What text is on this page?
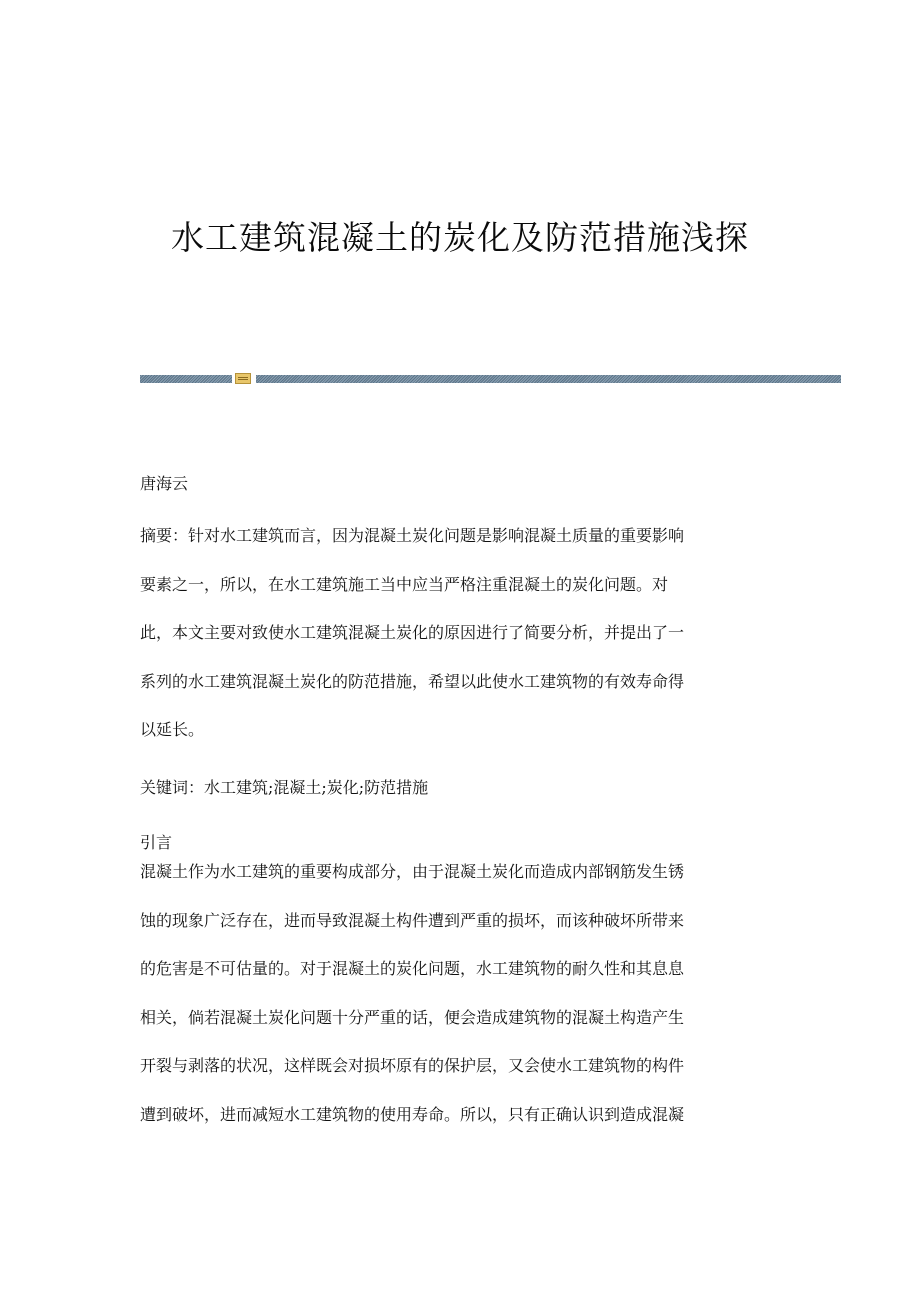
水工建筑混凝土的炭化及防范措施浅探
唐海云
摘要：针对水工建筑而言，因为混凝土炭化问题是影响混凝土质量的重要影响
要素之一，所以，在水工建筑施工当中应当严格注重混凝土的炭化问题。对
此，本文主要对致使水工建筑混凝土炭化的原因进行了简要分析，并提出了一
系列的水工建筑混凝土炭化的防范措施，希望以此使水工建筑物的有效寿命得
以延长。
关键词：水工建筑;混凝土;炭化;防范措施
引言
混凝土作为水工建筑的重要构成部分，由于混凝土炭化而造成内部钢筋发生锈
蚀的现象广泛存在，进而导致混凝土构件遭到严重的损坏，而该种破坏所带来
的危害是不可估量的。对于混凝土的炭化问题，水工建筑物的耐久性和其息息
相关，倘若混凝土炭化问题十分严重的话，便会造成建筑物的混凝土构造产生
开裂与剥落的状况，这样既会对损坏原有的保护层，又会使水工建筑物的构件
遭到破坏，进而减短水工建筑物的使用寿命。所以，只有正确认识到造成混凝
